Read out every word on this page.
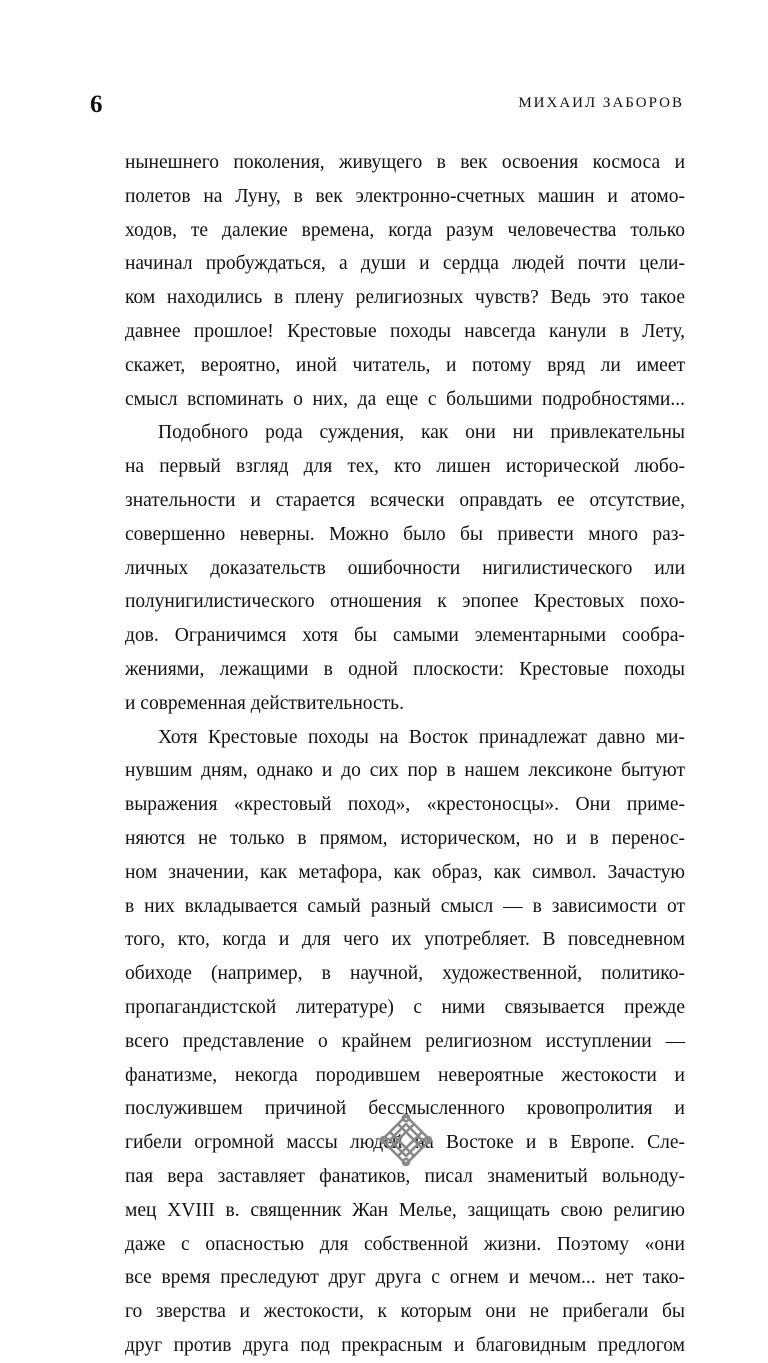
6	МИХАИЛ ЗАБОРОВ
нынешнего поколения, живущего в век освоения космоса и
полетов на Луну, в век электронно-счетных машин и атомо-
ходов, те далекие времена, когда разум человечества только
начинал пробуждаться, а души и сердца людей почти цели-
ком находились в плену религиозных чувств? Ведь это такое
давнее прошлое! Крестовые походы навсегда канули в Лету,
скажет, вероятно, иной читатель, и потому вряд ли имеет
смысл вспоминать о них, да еще с большими подробностями...
Подобного рода суждения, как они ни привлекательны
на первый взгляд для тех, кто лишен исторической любо-
знательности и старается всячески оправдать ее отсутствие,
совершенно неверны. Можно было бы привести много раз-
личных доказательств ошибочности нигилистического или
полунигилистического отношения к эпопее Крестовых похо-
дов. Ограничимся хотя бы самыми элементарными сообра-
жениями, лежащими в одной плоскости: Крестовые походы
и современная действительность.
Хотя Крестовые походы на Восток принадлежат давно ми-
нувшим дням, однако и до сих пор в нашем лексиконе бытуют
выражения «крестовый поход», «крестоносцы». Они приме-
няются не только в прямом, историческом, но и в перенос-
ном значении, как метафора, как образ, как символ. Зачастую
в них вкладывается самый разный смысл — в зависимости от
того, кто, когда и для чего их употребляет. В повседневном
обиходе (например, в научной, художественной, политико-
пропагандистской литературе) с ними связывается прежде
всего представление о крайнем религиозном исступлении —
фанатизме, некогда породившем невероятные жестокости и
послужившем причиной бессмысленного кровопролития и
гибели огромной массы людей на Востоке и в Европе. Сле-
пая вера заставляет фанатиков, писал знаменитый вольноду-
мец XVIII в. священник Жан Мелье, защищать свою религию
даже с опасностью для собственной жизни. Поэтому «они
все время преследуют друг друга с огнем и мечом... нет тако-
го зверства и жестокости, к которым они не прибегали бы
друг против друга под прекрасным и благовидным предлогом
